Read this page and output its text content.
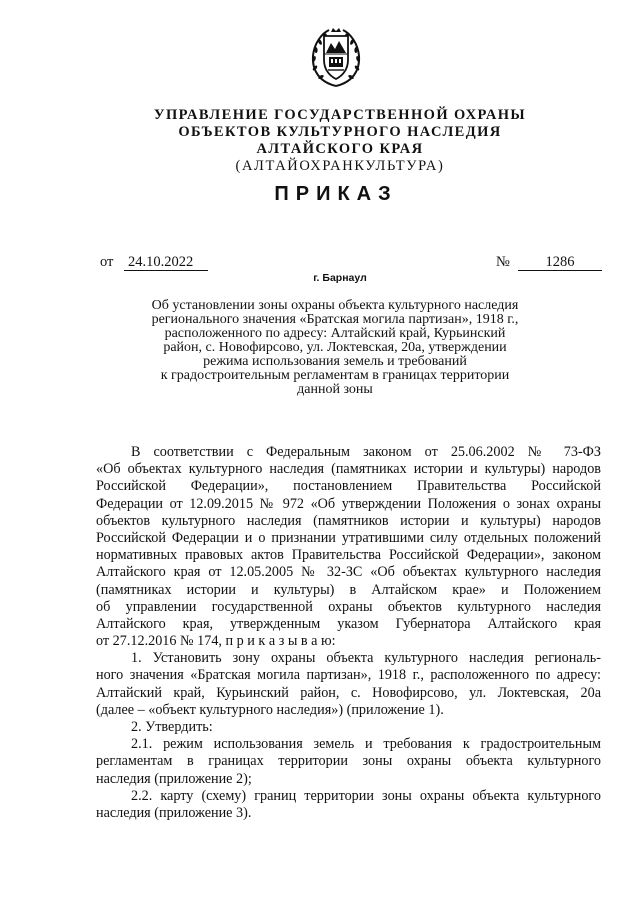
УПРАВЛЕНИЕ ГОСУДАРСТВЕННОЙ ОХРАНЫ
ОБЪЕКТОВ КУЛЬТУРНОГО НАСЛЕДИЯ
АЛТАЙСКОГО КРАЯ
(АЛТАЙОХРАНКУЛЬТУРА)
ПРИКАЗ
от 24.10.2022	№	1286
г. Барнаул
Об установлении зоны охраны объекта культурного наследия
регионального значения «Братская могила партизан», 1918 г.,
расположенного по адресу: Алтайский край, Курьинский
район, с. Новофирсово, ул. Локтевская, 20а, утверждении
режима использования земель и требований
к градостроительным регламентам в границах территории
данной зоны
В соответствии с Федеральным законом от 25.06.2002 № 73-ФЗ
«Об объектах культурного наследия (памятниках истории и культуры) народов
Российской Федерации», постановлением Правительства Российской
Федерации от 12.09.2015 № 972 «Об утверждении Положения о зонах охраны
объектов культурного наследия (памятников истории и культуры) народов
Российской Федерации и о признании утратившими силу отдельных положений
нормативных правовых актов Правительства Российской Федерации», законом
Алтайского края от 12.05.2005 № 32-ЗС «Об объектах культурного наследия
(памятниках истории и культуры) в Алтайском крае» и Положением
об управлении государственной охраны объектов культурного наследия
Алтайского края, утвержденным указом Губернатора Алтайского края
от 27.12.2016 № 174, п р и к а з ы в а ю:
1. Установить зону охраны объекта культурного наследия региональ-
ного значения «Братская могила партизан», 1918 г., расположенного по адресу:
Алтайский край, Курьинский район, с. Новофирсово, ул. Локтевская, 20а
(далее – «объект культурного наследия») (приложение 1).
2. Утвердить:
2.1. режим использования земель и требования к градостроительным
регламентам в границах территории зоны охраны объекта культурного
наследия (приложение 2);
2.2. карту (схему) границ территории зоны охраны объекта культурного
наследия (приложение 3).
